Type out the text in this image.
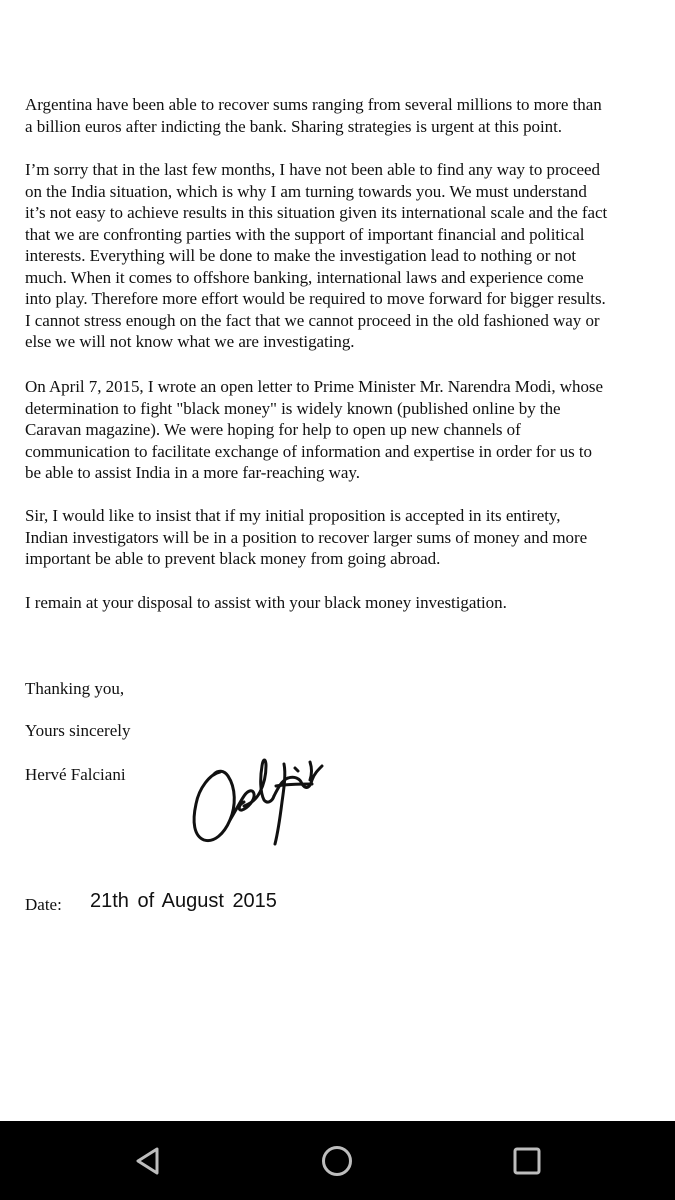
Argentina have been able to recover sums ranging from several millions to more than
a billion euros after indicting the bank. Sharing strategies is urgent at this point.

I’m sorry that in the last few months, I have not been able to find any way to proceed
on the India situation, which is why I am turning towards you. We must understand
it’s not easy to achieve results in this situation given its international scale and the fact
that we are confronting parties with the support of important financial and political
interests. Everything will be done to make the investigation lead to nothing or not
much. When it comes to offshore banking, international laws and experience come
into play. Therefore more effort would be required to move forward for bigger results.
I cannot stress enough on the fact that we cannot proceed in the old fashioned way or
else we will not know what we are investigating.

On April 7, 2015, I wrote an open letter to Prime Minister Mr. Narendra Modi, whose
determination to fight "black money" is widely known (published online by the
Caravan magazine). We were hoping for help to open up new channels of
communication to facilitate exchange of information and expertise in order for us to
be able to assist India in a more far-reaching way.

Sir, I would like to insist that if my initial proposition is accepted in its entirety,
Indian investigators will be in a position to recover larger sums of money and more
important be able to prevent black money from going abroad.

I remain at your disposal to assist with your black money investigation.

Thanking you,

Yours sincerely

Hervé Falciani

Date: 21th of August 2015
